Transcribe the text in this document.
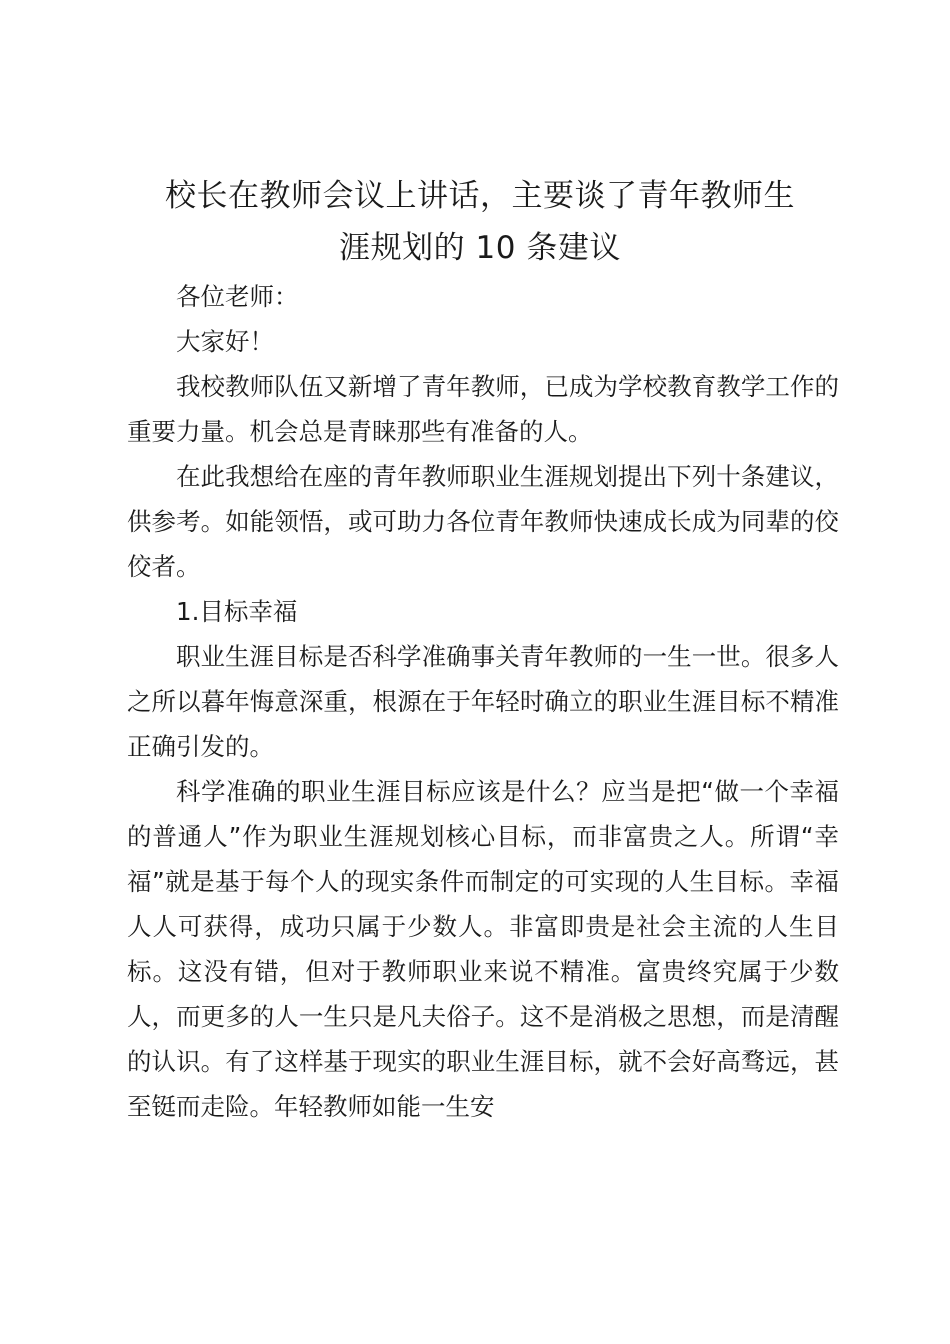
校长在教师会议上讲话，主要谈了青年教师生
涯规划的 10 条建议

各位老师：

大家好！

我校教师队伍又新增了青年教师，已成为学校教育教学工作的重要力量。机会总是青睐那些有准备的人。

在此我想给在座的青年教师职业生涯规划提出下列十条建议，供参考。如能领悟，或可助力各位青年教师快速成长成为同辈的佼佼者。

1.目标幸福

职业生涯目标是否科学准确事关青年教师的一生一世。很多人之所以暮年悔意深重，根源在于年轻时确立的职业生涯目标不精准正确引发的。

科学准确的职业生涯目标应该是什么？应当是把“做一个幸福的普通人”作为职业生涯规划核心目标，而非富贵之人。所谓“幸福”就是基于每个人的现实条件而制定的可实现的人生目标。幸福人人可获得，成功只属于少数人。非富即贵是社会主流的人生目标。这没有错，但对于教师职业来说不精准。富贵终究属于少数人，而更多的人一生只是凡夫俗子。这不是消极之思想，而是清醒的认识。有了这样基于现实的职业生涯目标，就不会好高骛远，甚至铤而走险。年轻教师如能一生安
